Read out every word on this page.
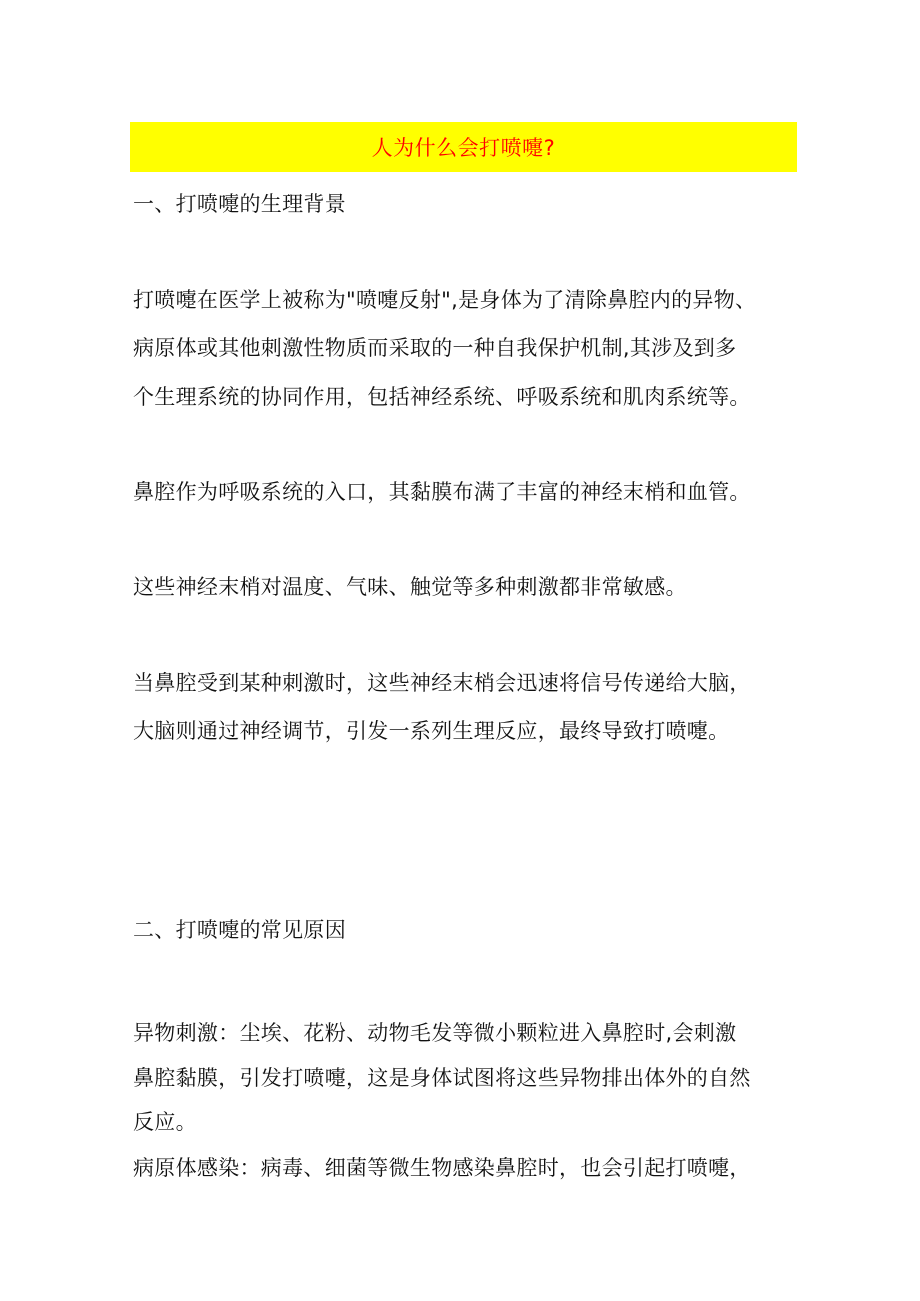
人为什么会打喷嚏?
一、打喷嚏的生理背景
打喷嚏在医学上被称为"喷嚏反射",是身体为了清除鼻腔内的异物、
病原体或其他刺激性物质而采取的一种自我保护机制,其涉及到多
个生理系统的协同作用，包括神经系统、呼吸系统和肌肉系统等。
鼻腔作为呼吸系统的入口，其黏膜布满了丰富的神经末梢和血管。
这些神经末梢对温度、气味、触觉等多种刺激都非常敏感。
当鼻腔受到某种刺激时，这些神经末梢会迅速将信号传递给大脑，
大脑则通过神经调节，引发一系列生理反应，最终导致打喷嚏。
二、打喷嚏的常见原因
异物刺激：尘埃、花粉、动物毛发等微小颗粒进入鼻腔时,会刺激
鼻腔黏膜，引发打喷嚏，这是身体试图将这些异物排出体外的自然
反应。
病原体感染：病毒、细菌等微生物感染鼻腔时，也会引起打喷嚏，
